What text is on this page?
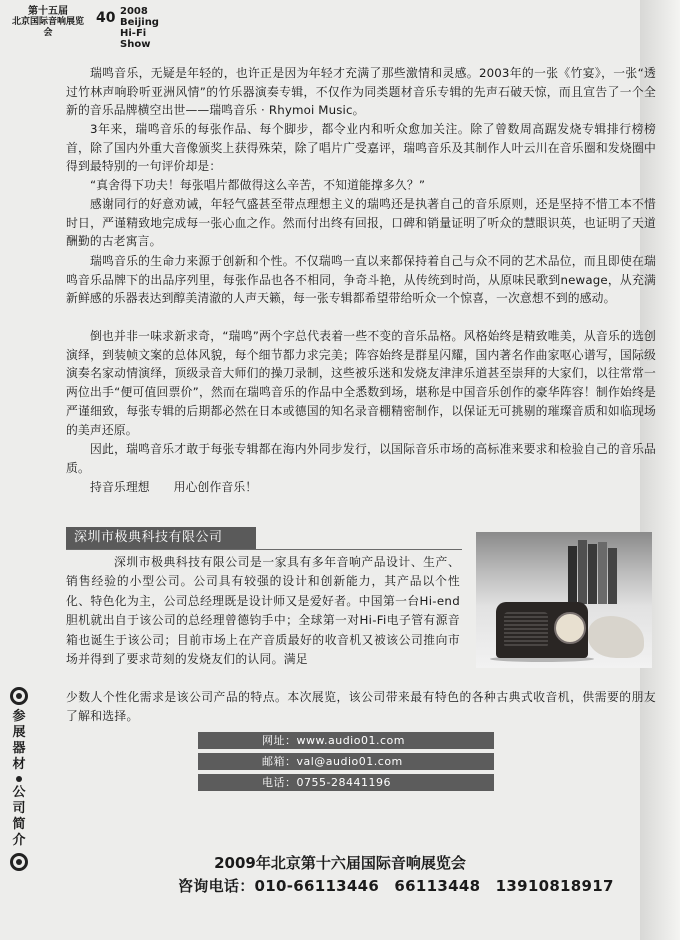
第十五届
北京国际音响展览会
40 2008 Beijing
Hi-Fi Show

瑞鸣音乐，无疑是年轻的，也许正是因为年轻才充满了那些激情和灵感。2003年的一张《竹宴》，一张“透过竹林声响聆听亚洲风情”的竹乐器演奏专辑，不仅作为同类题材音乐专辑的先声石破天惊，而且宣告了一个全新的音乐品牌横空出世——瑞鸣音乐 · Rhymoi Music。

3年来，瑞鸣音乐的每张作品、每个脚步，都令业内和听众愈加关注。除了曾数周高踞发烧专辑排行榜榜首，除了国内外重大音像颁奖上获得殊荣，除了唱片广受嘉评，瑞鸣音乐及其制作人叶云川在音乐圈和发烧圈中得到最特别的一句评价却是：

“真舍得下功夫！每张唱片都做得这么辛苦，不知道能撑多久？”

感谢同行的好意劝诫，年轻气盛甚至带点理想主义的瑞鸣还是执著自己的音乐原则，还是坚持不惜工本不惜时日，严谨精致地完成每一张心血之作。然而付出终有回报，口碑和销量证明了听众的慧眼识英，也证明了天道酬勤的古老寓言。

瑞鸣音乐的生命力来源于创新和个性。不仅瑞鸣一直以来都保持着自己与众不同的艺术品位，而且即使在瑞鸣音乐品牌下的出品序列里，每张作品也各不相同，争奇斗艳，从传统到时尚，从原味民歌到newage，从充满新鲜感的乐器表达到醇美清澈的人声天籁，每一张专辑都希望带给听众一个惊喜，一次意想不到的感动。

倒也并非一味求新求奇，“瑞鸣”两个字总代表着一些不变的音乐品格。风格始终是精致唯美，从音乐的选创演绎，到装帧文案的总体风貌，每个细节都力求完美；阵容始终是群星闪耀，国内著名作曲家呕心谱写，国际级演奏名家动情演绎，顶级录音大师们的操刀录制，这些被乐迷和发烧友津津乐道甚至崇拜的大家们，以往常常一两位出手“便可值回票价”，然而在瑞鸣音乐的作品中全悉数到场，堪称是中国音乐创作的豪华阵容！制作始终是严谨细致，每张专辑的后期都必然在日本或德国的知名录音棚精密制作，以保证无可挑剔的璀璨音质和如临现场的美声还原。

因此，瑞鸣音乐才敢于每张专辑都在海内外同步发行，以国际音乐市场的高标准来要求和检验自己的音乐品质。

持音乐理想　　用心创作音乐！

深圳市极典科技有限公司

深圳市极典科技有限公司是一家具有多年音响产品设计、生产、销售经验的小型公司。公司具有较强的设计和创新能力，其产品以个性化、特色化为主，公司总经理既是设计师又是爱好者。中国第一台Hi-end胆机就出自于该公司的总经理曾德钧手中；全球第一对Hi-Fi电子管有源音箱也诞生于该公司；目前市场上在产音质最好的收音机又被该公司推向市场并得到了要求苛刻的发烧友们的认同。满足

少数人个性化需求是该公司产品的特点。本次展览，该公司带来最有特色的各种古典式收音机，供需要的朋友了解和选择。

网址：www.audio01.com
邮箱：val@audio01.com
电话：0755-28441196
参
展
器
材
公
司
简
介
2009年北京第十六届国际音响展览会
咨询电话：010-66113446　66113448　13910818917
